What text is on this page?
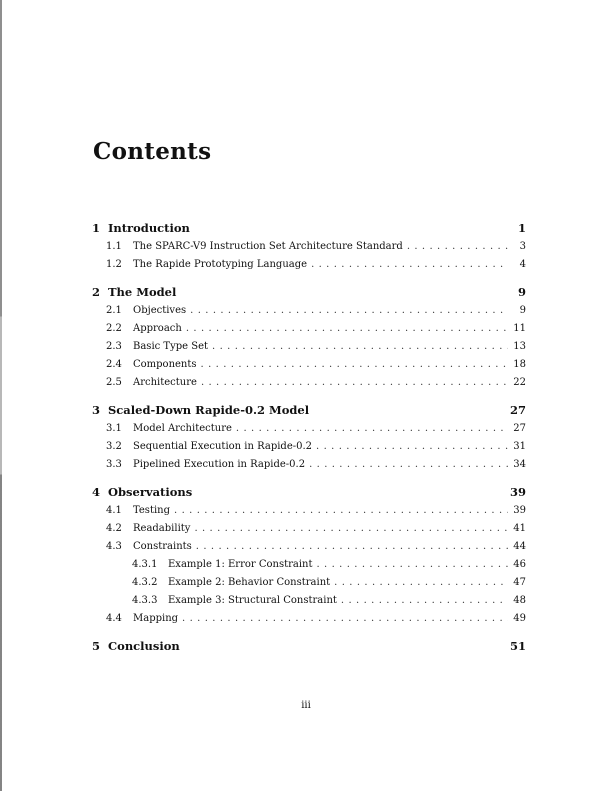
Contents
1 Introduction	1
1.1	The SPARC-V9 Instruction Set Architecture Standard . . .	3
1.2	The Rapide Prototyping Language . . .	4
2 The Model	9
2.1	Objectives . . .	9
2.2	Approach . . .	11
2.3	Basic Type Set . . .	13
2.4	Components . . .	18
2.5	Architecture . . .	22
3 Scaled-Down Rapide-0.2 Model	27
3.1	Model Architecture . . .	27
3.2	Sequential Execution in Rapide-0.2 . . .	31
3.3	Pipelined Execution in Rapide-0.2 . . .	34
4 Observations	39
4.1	Testing . . .	39
4.2	Readability . . .	41
4.3	Constraints . . .	44
4.3.1	Example 1: Error Constraint . . .	46
4.3.2	Example 2: Behavior Constraint . . .	47
4.3.3	Example 3: Structural Constraint . . .	48
4.4	Mapping . . .	49
5 Conclusion	51
iii
